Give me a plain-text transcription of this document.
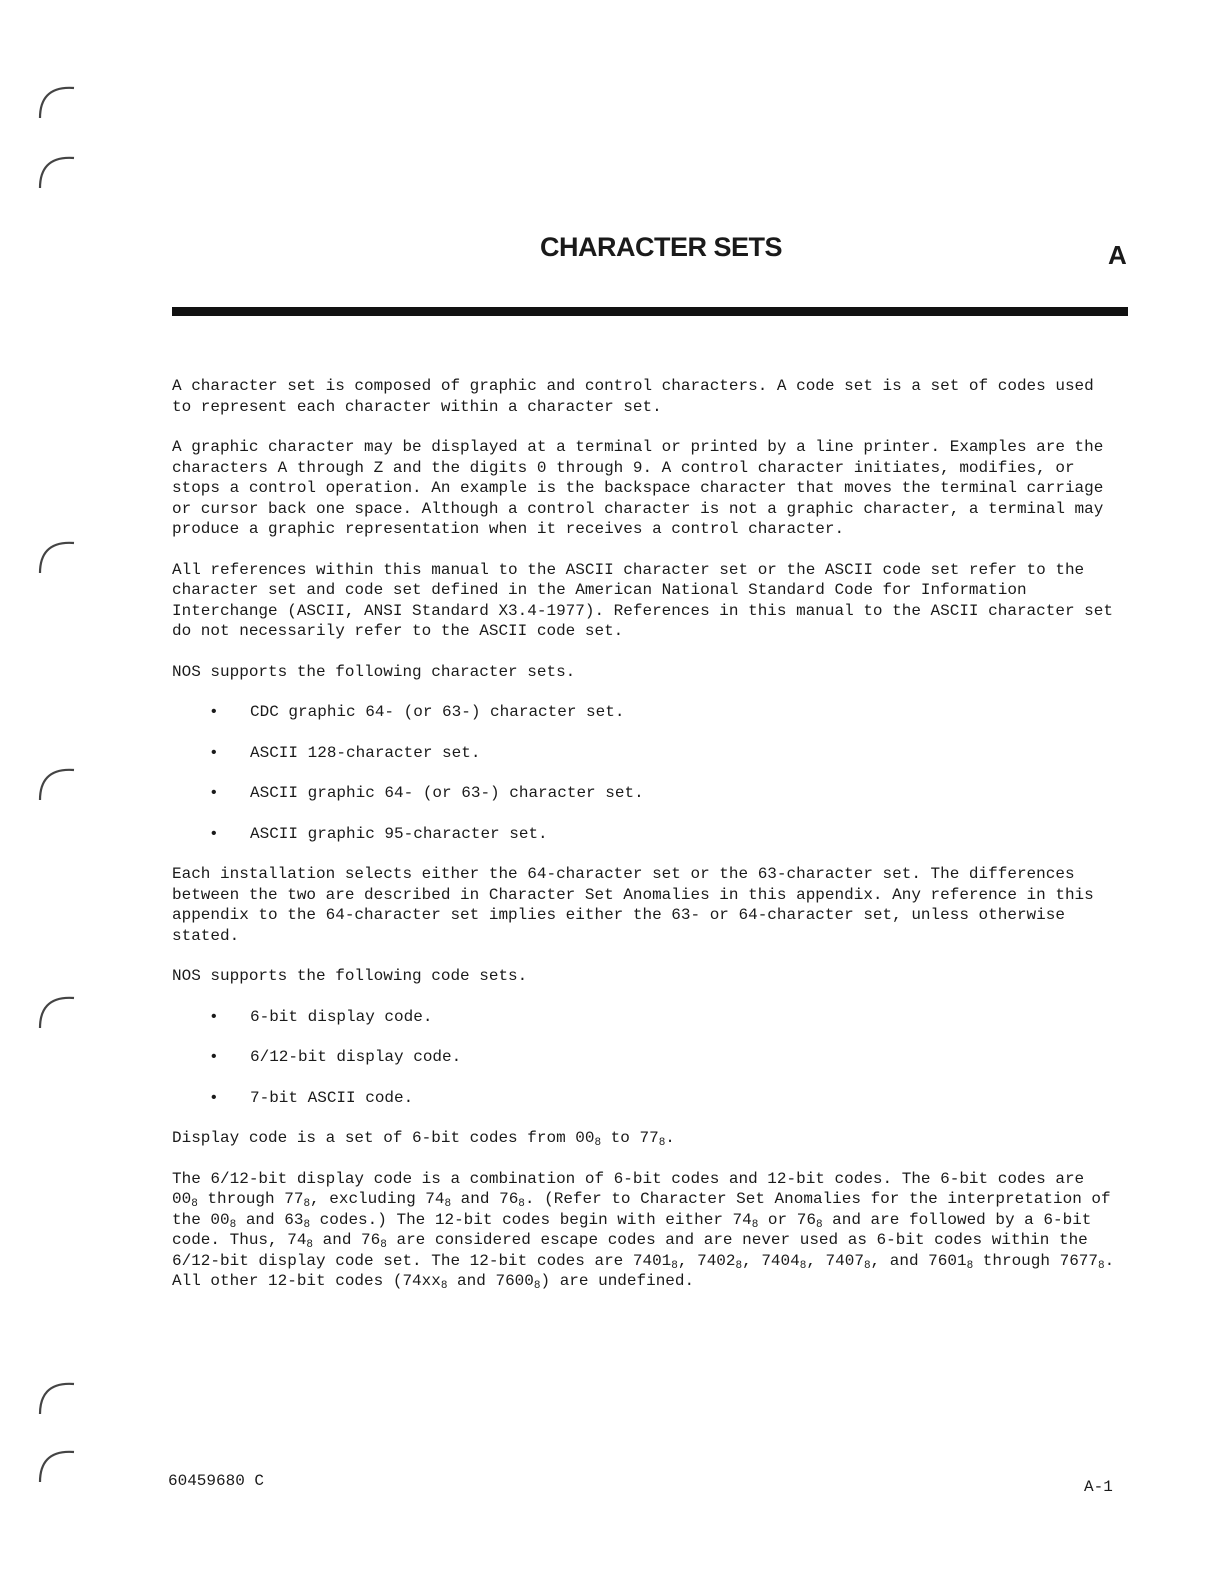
CHARACTER SETS	A

A character set is composed of graphic and control characters. A code set is a set of codes used to represent each character within a character set.

A graphic character may be displayed at a terminal or printed by a line printer. Examples are the characters A through Z and the digits 0 through 9. A control character initiates, modifies, or stops a control operation. An example is the backspace character that moves the terminal carriage or cursor back one space. Although a control character is not a graphic character, a terminal may produce a graphic representation when it receives a control character.

All references within this manual to the ASCII character set or the ASCII code set refer to the character set and code set defined in the American National Standard Code for Information Interchange (ASCII, ANSI Standard X3.4-1977). References in this manual to the ASCII character set do not necessarily refer to the ASCII code set.

NOS supports the following character sets.

• CDC graphic 64- (or 63-) character set.
• ASCII 128-character set.
• ASCII graphic 64- (or 63-) character set.
• ASCII graphic 95-character set.

Each installation selects either the 64-character set or the 63-character set. The differences between the two are described in Character Set Anomalies in this appendix. Any reference in this appendix to the 64-character set implies either the 63- or 64-character set, unless otherwise stated.

NOS supports the following code sets.

• 6-bit display code.
• 6/12-bit display code.
• 7-bit ASCII code.

Display code is a set of 6-bit codes from $00_8$ to $77_8$.

The 6/12-bit display code is a combination of 6-bit codes and 12-bit codes. The 6-bit codes are $00_8$ through $77_8$, excluding $74_8$ and $76_8$. (Refer to Character Set Anomalies for the interpretation of the $00_8$ and $63_8$ codes.) The 12-bit codes begin with either $74_8$ or $76_8$ and are followed by a 6-bit code. Thus, $74_8$ and $76_8$ are considered escape codes and are never used as 6-bit codes within the 6/12-bit display code set. The 12-bit codes are $7401_8$, $7402_8$, $7404_8$, $7407_8$, and $7601_8$ through $7677_8$. All other 12-bit codes ($74xx_8$ and $7600_8$) are undefined.

60459680 C	A-1
